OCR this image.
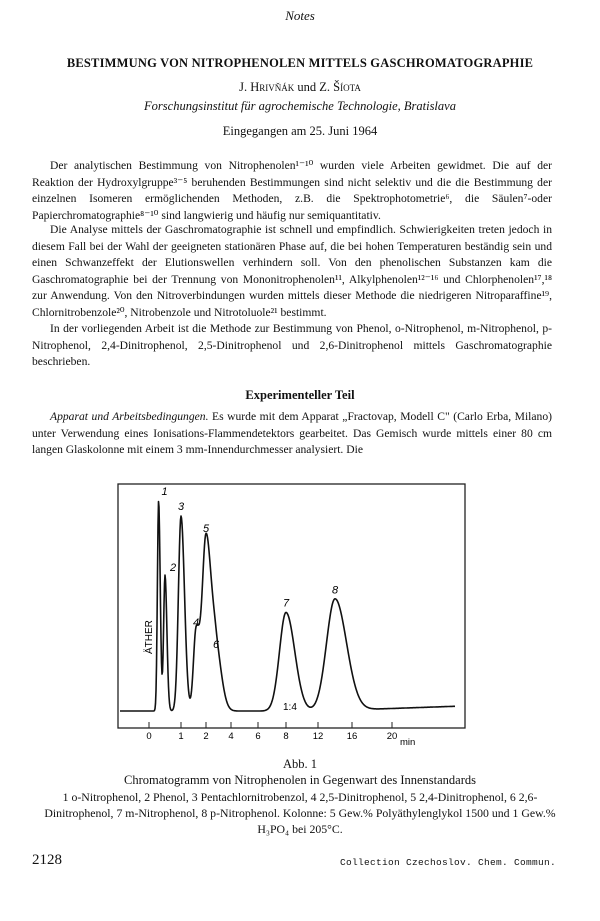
Notes
BESTIMMUNG VON NITROPHENOLEN MITTELS GASCHROMATOGRAPHIE
J. Hrivňák und Z. Šíota
Forschungsinstitut für agrochemische Technologie, Bratislava
Eingegangen am 25. Juni 1964
Der analytischen Bestimmung von Nitrophenolen¹⁻¹⁰ wurden viele Arbeiten gewidmet. Die auf der Reaktion der Hydroxylgruppe³⁻⁵ beruhenden Bestimmungen sind nicht selektiv und die die Bestimmung der einzelnen Isomeren ermöglichenden Methoden, z.B. die Spektrophotometrie⁶, die Säulen⁷-oder Papierchromatographie⁸⁻¹⁰ sind langwierig und häufig nur semiquantitativ.
Die Analyse mittels der Gaschromatographie ist schnell und empfindlich. Schwierigkeiten treten jedoch in diesem Fall bei der Wahl der geeigneten stationären Phase auf, die bei hohen Temperaturen beständig sein und einen Schwanzeffekt der Elutionswellen verhindern soll. Von den phenolischen Substanzen kam die Gaschromatographie bei der Trennung von Mononitrophenolen¹¹, Alkylphenolen¹²⁻¹⁶ und Chlorphenolen¹⁷,¹⁸ zur Anwendung. Von den Nitroverbindungen wurden mittels dieser Methode die niedrigeren Nitroparaffine¹⁹, Chlornitrobenzole²⁰, Nitrobenzole und Nitrotoluole²¹ bestimmt.
In der vorliegenden Arbeit ist die Methode zur Bestimmung von Phenol, o-Nitrophenol, m-Nitrophenol, p-Nitrophenol, 2,4-Dinitrophenol, 2,5-Dinitrophenol und 2,6-Dinitrophenol mittels Gaschromatographie beschrieben.
Experimenteller Teil
Apparat und Arbeitsbedingungen. Es wurde mit dem Apparat „Fractovap, Modell C" (Carlo Erba, Milano) unter Verwendung eines Ionisations-Flammendetektors gearbeitet. Das Gemisch wurde mittels einer 80 cm langen Glaskolonne mit einem 3 mm-Innendurchmesser analysiert. Die
0	1 2 4 6 8	12 16	20
1
2
3
4
5
6
7
8
ÄTHER
1:4
min
Abb. 1
Chromatogramm von Nitrophenolen in Gegenwart des Innenstandards
1 o-Nitrophenol, 2 Phenol, 3 Pentachlornitrobenzol, 4 2,5-Dinitrophenol, 5 2,4-Dinitrophenol, 6 2,6-Dinitrophenol, 7 m-Nitrophenol, 8 p-Nitrophenol. Kolonne: 5 Gew.% Polyäthylenglykol 1500 und 1 Gew.% H₃PO₄ bei 205°C.
2128	Collection Czechoslov. Chem. Commun.
